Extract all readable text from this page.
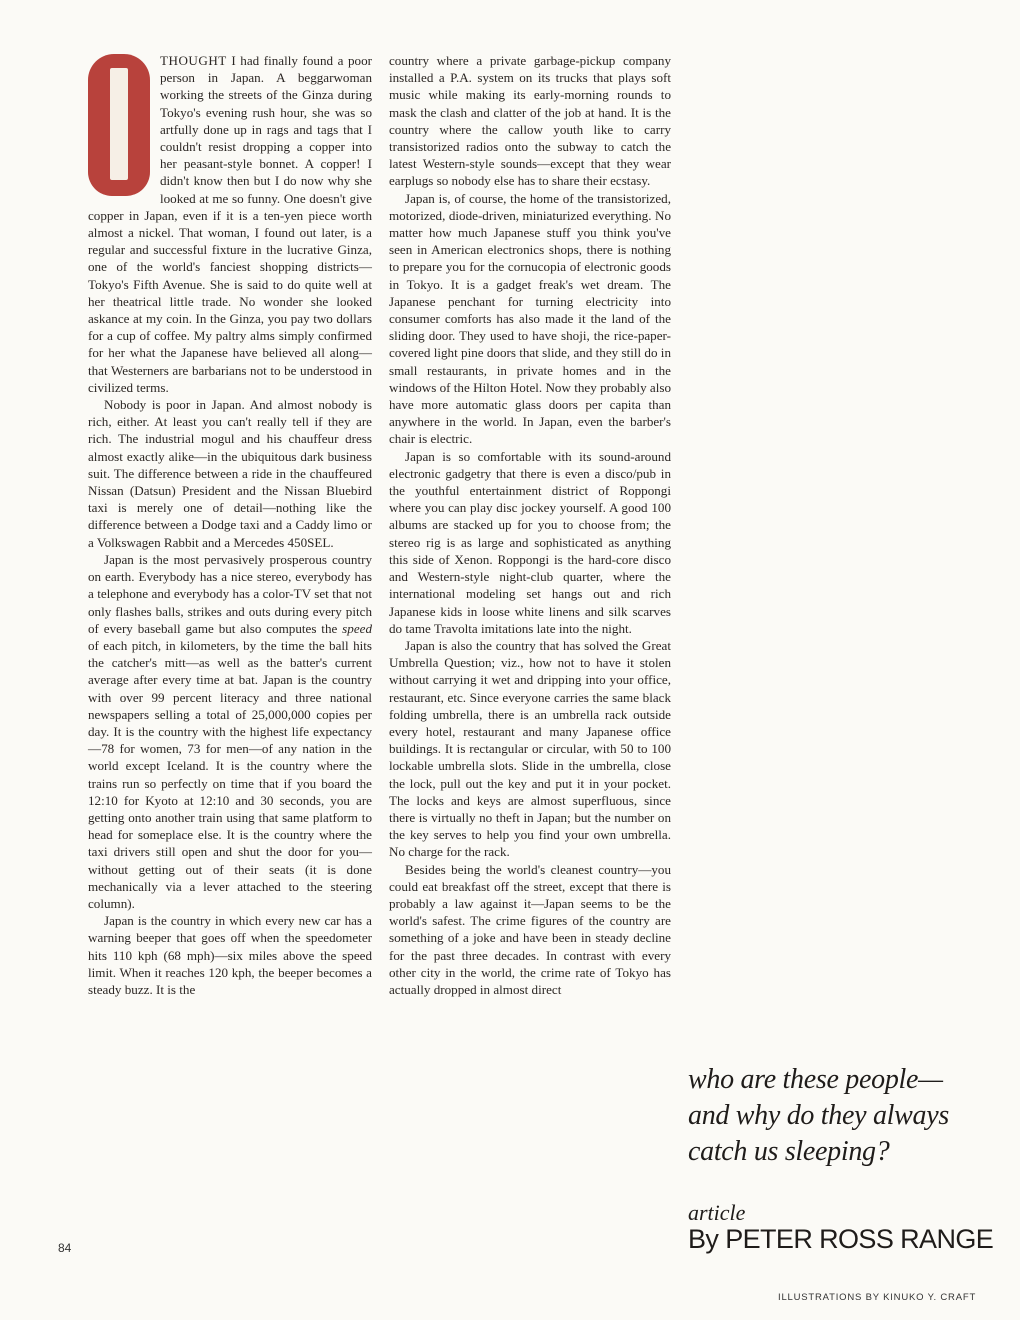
THOUGHT I had finally found a poor person in Japan. A beggarwoman working the streets of the Ginza during Tokyo's evening rush hour, she was so artfully done up in rags and tags that I couldn't resist dropping a copper into her peasant-style bonnet. A copper! I didn't know then but I do now why she looked at me so funny. One doesn't give copper in Japan, even if it is a ten-yen piece worth almost a nickel. That woman, I found out later, is a regular and successful fixture in the lucrative Ginza, one of the world's fanciest shopping districts—Tokyo's Fifth Avenue. She is said to do quite well at her theatrical little trade. No wonder she looked askance at my coin. In the Ginza, you pay two dollars for a cup of coffee. My paltry alms simply confirmed for her what the Japanese have believed all along—that Westerners are barbarians not to be understood in civilized terms.

Nobody is poor in Japan. And almost nobody is rich, either. At least you can't really tell if they are rich. The industrial mogul and his chauffeur dress almost exactly alike—in the ubiquitous dark business suit. The difference between a ride in the chauffeured Nissan (Datsun) President and the Nissan Bluebird taxi is merely one of detail—nothing like the difference between a Dodge taxi and a Caddy limo or a Volkswagen Rabbit and a Mercedes 450SEL.

Japan is the most pervasively prosperous country on earth. Everybody has a nice stereo, everybody has a telephone and everybody has a color-TV set that not only flashes balls, strikes and outs during every pitch of every baseball game but also computes the speed of each pitch, in kilometers, by the time the ball hits the catcher's mitt—as well as the batter's current average after every time at bat. Japan is the country with over 99 percent literacy and three national newspapers selling a total of 25,000,000 copies per day. It is the country with the highest life expectancy—78 for women, 73 for men—of any nation in the world except Iceland. It is the country where the trains run so perfectly on time that if you board the 12:10 for Kyoto at 12:10 and 30 seconds, you are getting onto another train using that same platform to head for someplace else. It is the country where the taxi drivers still open and shut the door for you—without getting out of their seats (it is done mechanically via a lever attached to the steering column).

Japan is the country in which every new car has a warning beeper that goes off when the speedometer hits 110 kph (68 mph)—six miles above the speed limit. When it reaches 120 kph, the beeper becomes a steady buzz. It is the

country where a private garbage-pickup company installed a P.A. system on its trucks that plays soft music while making its early-morning rounds to mask the clash and clatter of the job at hand. It is the country where the callow youth like to carry transistorized radios onto the subway to catch the latest Western-style sounds—except that they wear earplugs so nobody else has to share their ecstasy.

Japan is, of course, the home of the transistorized, motorized, diode-driven, miniaturized everything. No matter how much Japanese stuff you think you've seen in American electronics shops, there is nothing to prepare you for the cornucopia of electronic goods in Tokyo. It is a gadget freak's wet dream. The Japanese penchant for turning electricity into consumer comforts has also made it the land of the sliding door. They used to have shoji, the rice-paper-covered light pine doors that slide, and they still do in small restaurants, in private homes and in the windows of the Hilton Hotel. Now they probably also have more automatic glass doors per capita than anywhere in the world. In Japan, even the barber's chair is electric.

Japan is so comfortable with its sound-around electronic gadgetry that there is even a disco/pub in the youthful entertainment district of Roppongi where you can play disc jockey yourself. A good 100 albums are stacked up for you to choose from; the stereo rig is as large and sophisticated as anything this side of Xenon. Roppongi is the hard-core disco and Western-style night-club quarter, where the international modeling set hangs out and rich Japanese kids in loose white linens and silk scarves do tame Travolta imitations late into the night.

Japan is also the country that has solved the Great Umbrella Question; viz., how not to have it stolen without carrying it wet and dripping into your office, restaurant, etc. Since everyone carries the same black folding umbrella, there is an umbrella rack outside every hotel, restaurant and many Japanese office buildings. It is rectangular or circular, with 50 to 100 lockable umbrella slots. Slide in the umbrella, close the lock, pull out the key and put it in your pocket. The locks and keys are almost superfluous, since there is virtually no theft in Japan; but the number on the key serves to help you find your own umbrella. No charge for the rack.

Besides being the world's cleanest country—you could eat breakfast off the street, except that there is probably a law against it—Japan seems to be the world's safest. The crime figures of the country are something of a joke and have been in steady decline for the past three decades. In contrast with every other city in the world, the crime rate of Tokyo has actually dropped in almost direct

84
who are these people—
and why do they always
catch us sleeping?
article
By PETER ROSS RANGE
ILLUSTRATIONS BY KINUKO Y. CRAFT
